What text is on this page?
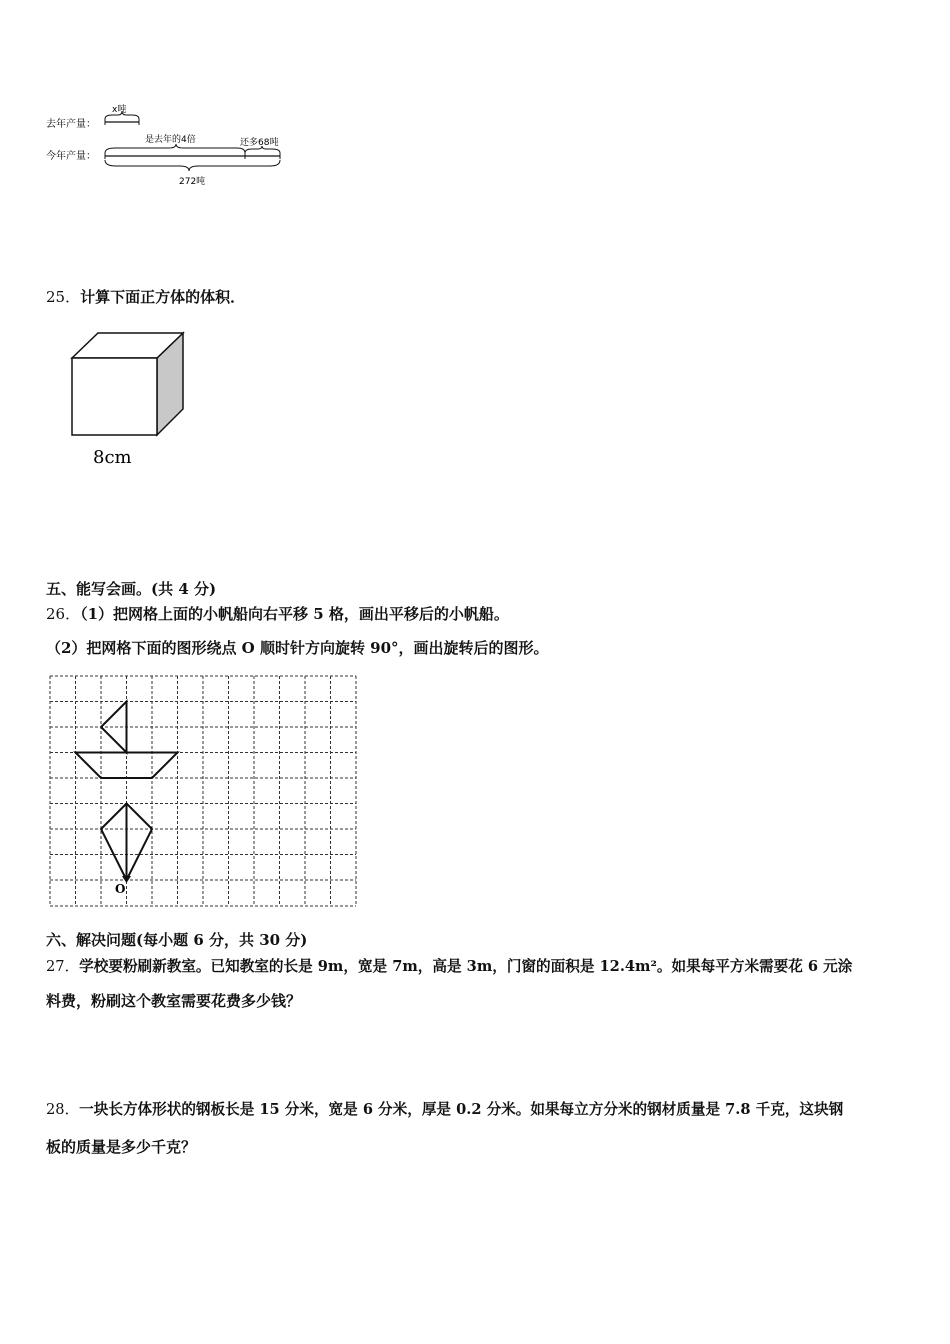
去年产量：
x吨
今年产量：
是去年的4倍	还多68吨
272吨
25．计算下面正方体的体积．
8cm
五、能写会画。(共 4 分)
26．（1）把网格上面的小帆船向右平移 5 格，画出平移后的小帆船。
（2）把网格下面的图形绕点 O 顺时针方向旋转 90°，画出旋转后的图形。
O
六、解决问题(每小题 6 分，共 30 分)
27．学校要粉刷新教室。已知教室的长是 9m，宽是 7m，高是 3m，门窗的面积是 12.4m²。如果每平方米需要花 6 元涂
料费，粉刷这个教室需要花费多少钱？
28．一块长方体形状的钢板长是 15 分米，宽是 6 分米，厚是 0.2 分米。如果每立方分米的钢材质量是 7.8 千克，这块钢
板的质量是多少千克？
